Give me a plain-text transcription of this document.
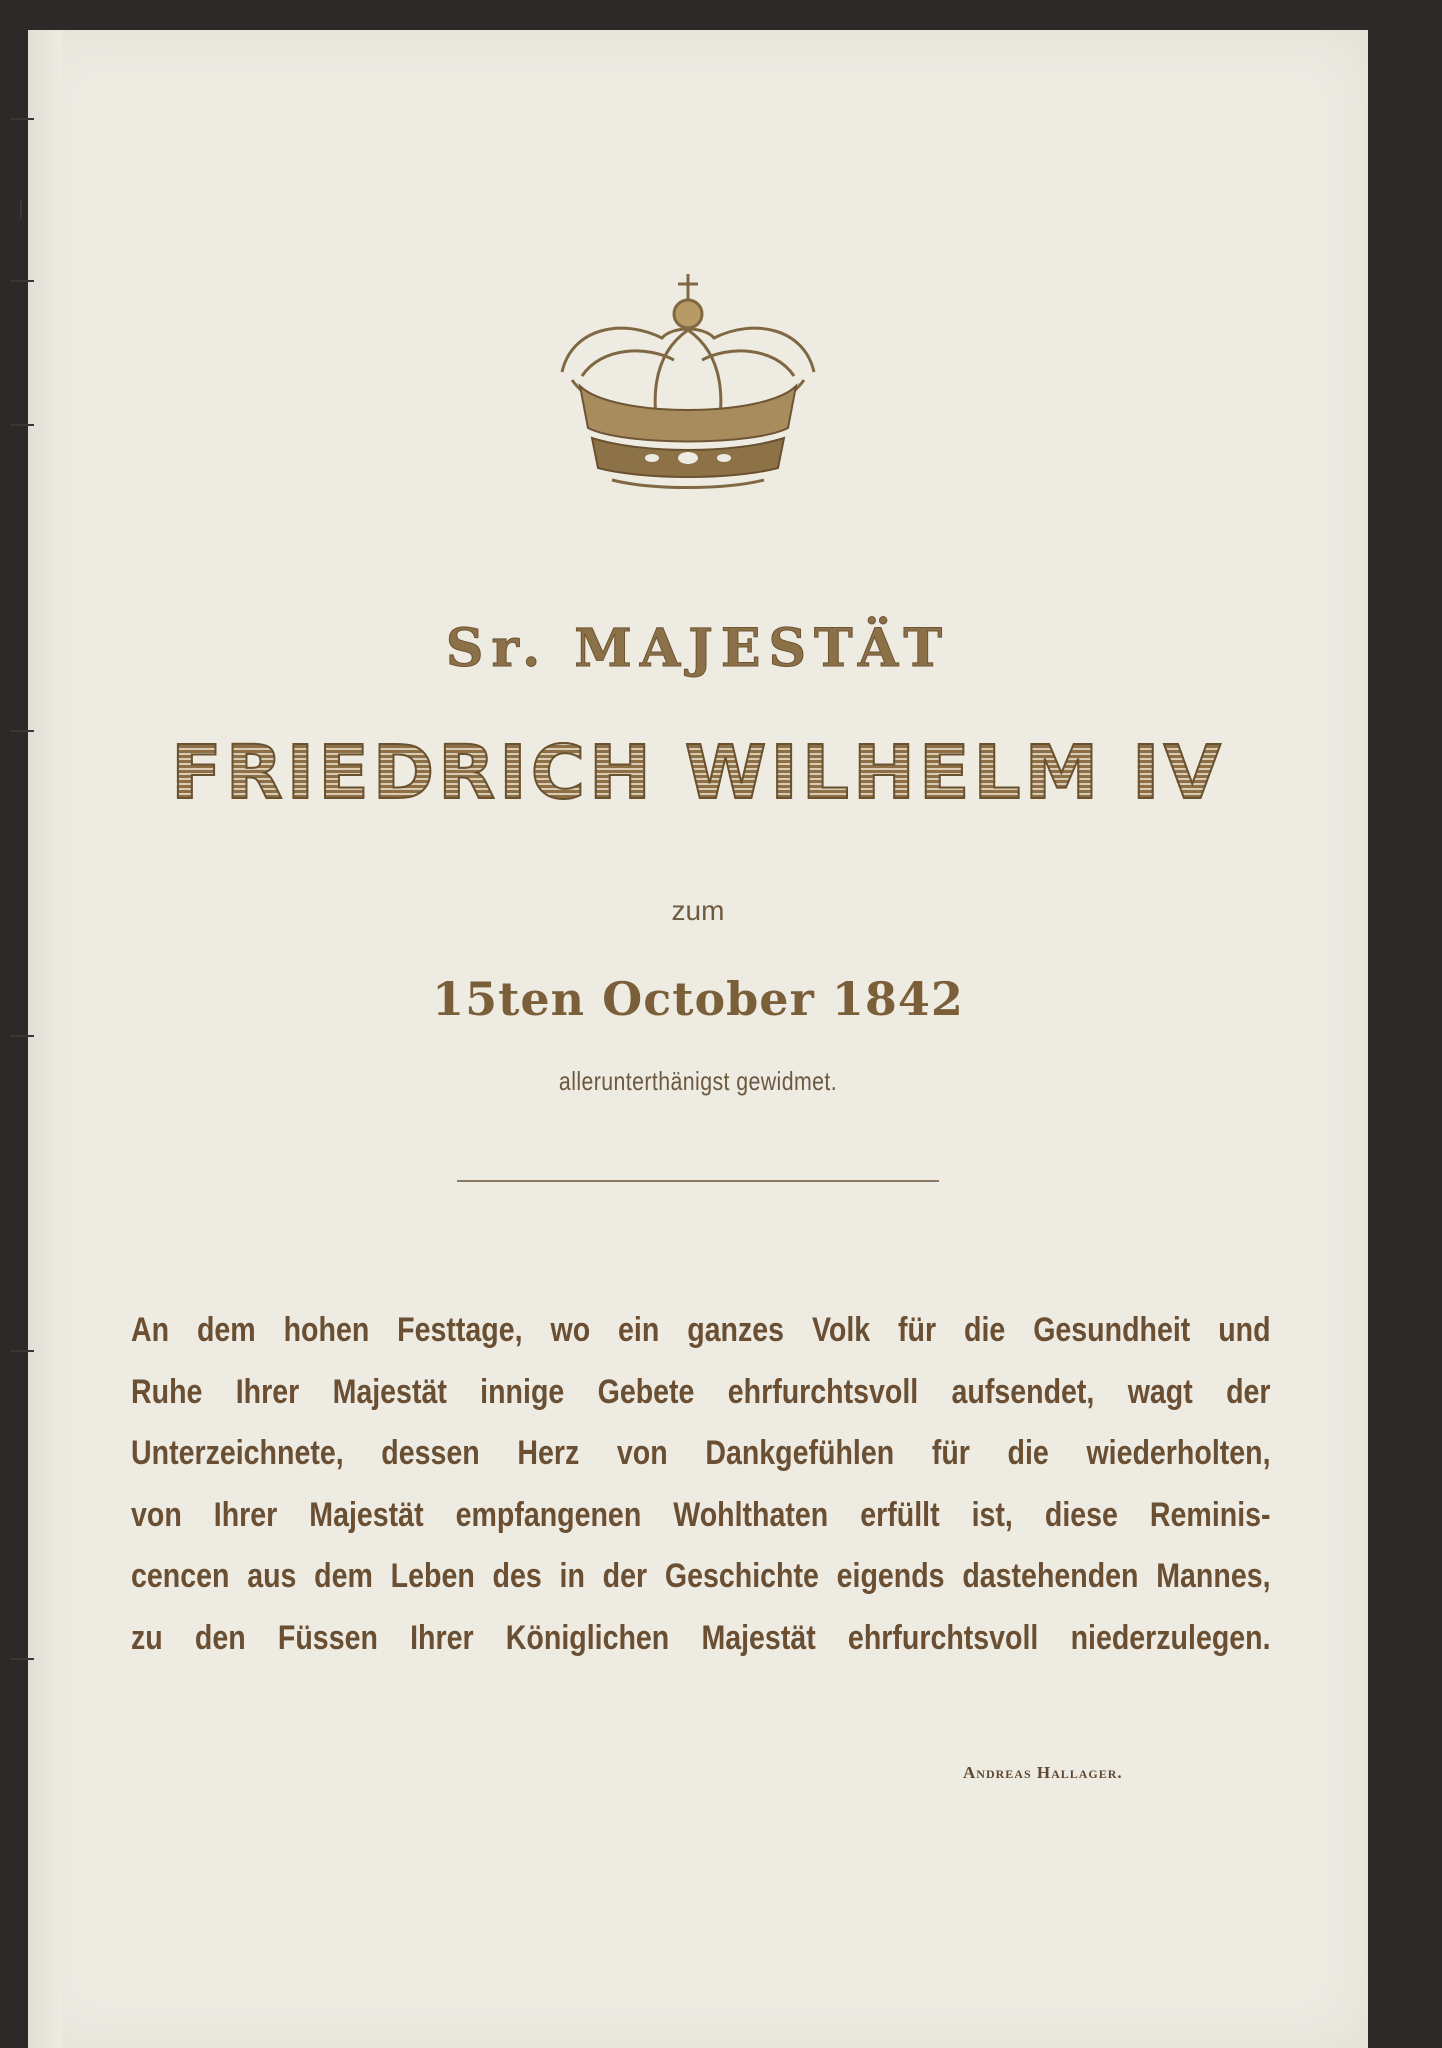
Sr. MAJESTÄT
FRIEDRICH WILHELM IV
zum
15ten October 1842
allerunterthänigst gewidmet.
An dem hohen Festtage, wo ein ganzes Volk für die Gesundheit und
Ruhe Ihrer Majestät innige Gebete ehrfurchtsvoll aufsendet, wagt der
Unterzeichnete, dessen Herz von Dankgefühlen für die wiederholten,
von Ihrer Majestät empfangenen Wohlthaten erfüllt ist, diese Reminis-
cencen aus dem Leben des in der Geschichte eigends dastehenden Mannes,
zu den Füssen Ihrer Königlichen Majestät ehrfurchtsvoll niederzulegen.
Andreas Hallager.
